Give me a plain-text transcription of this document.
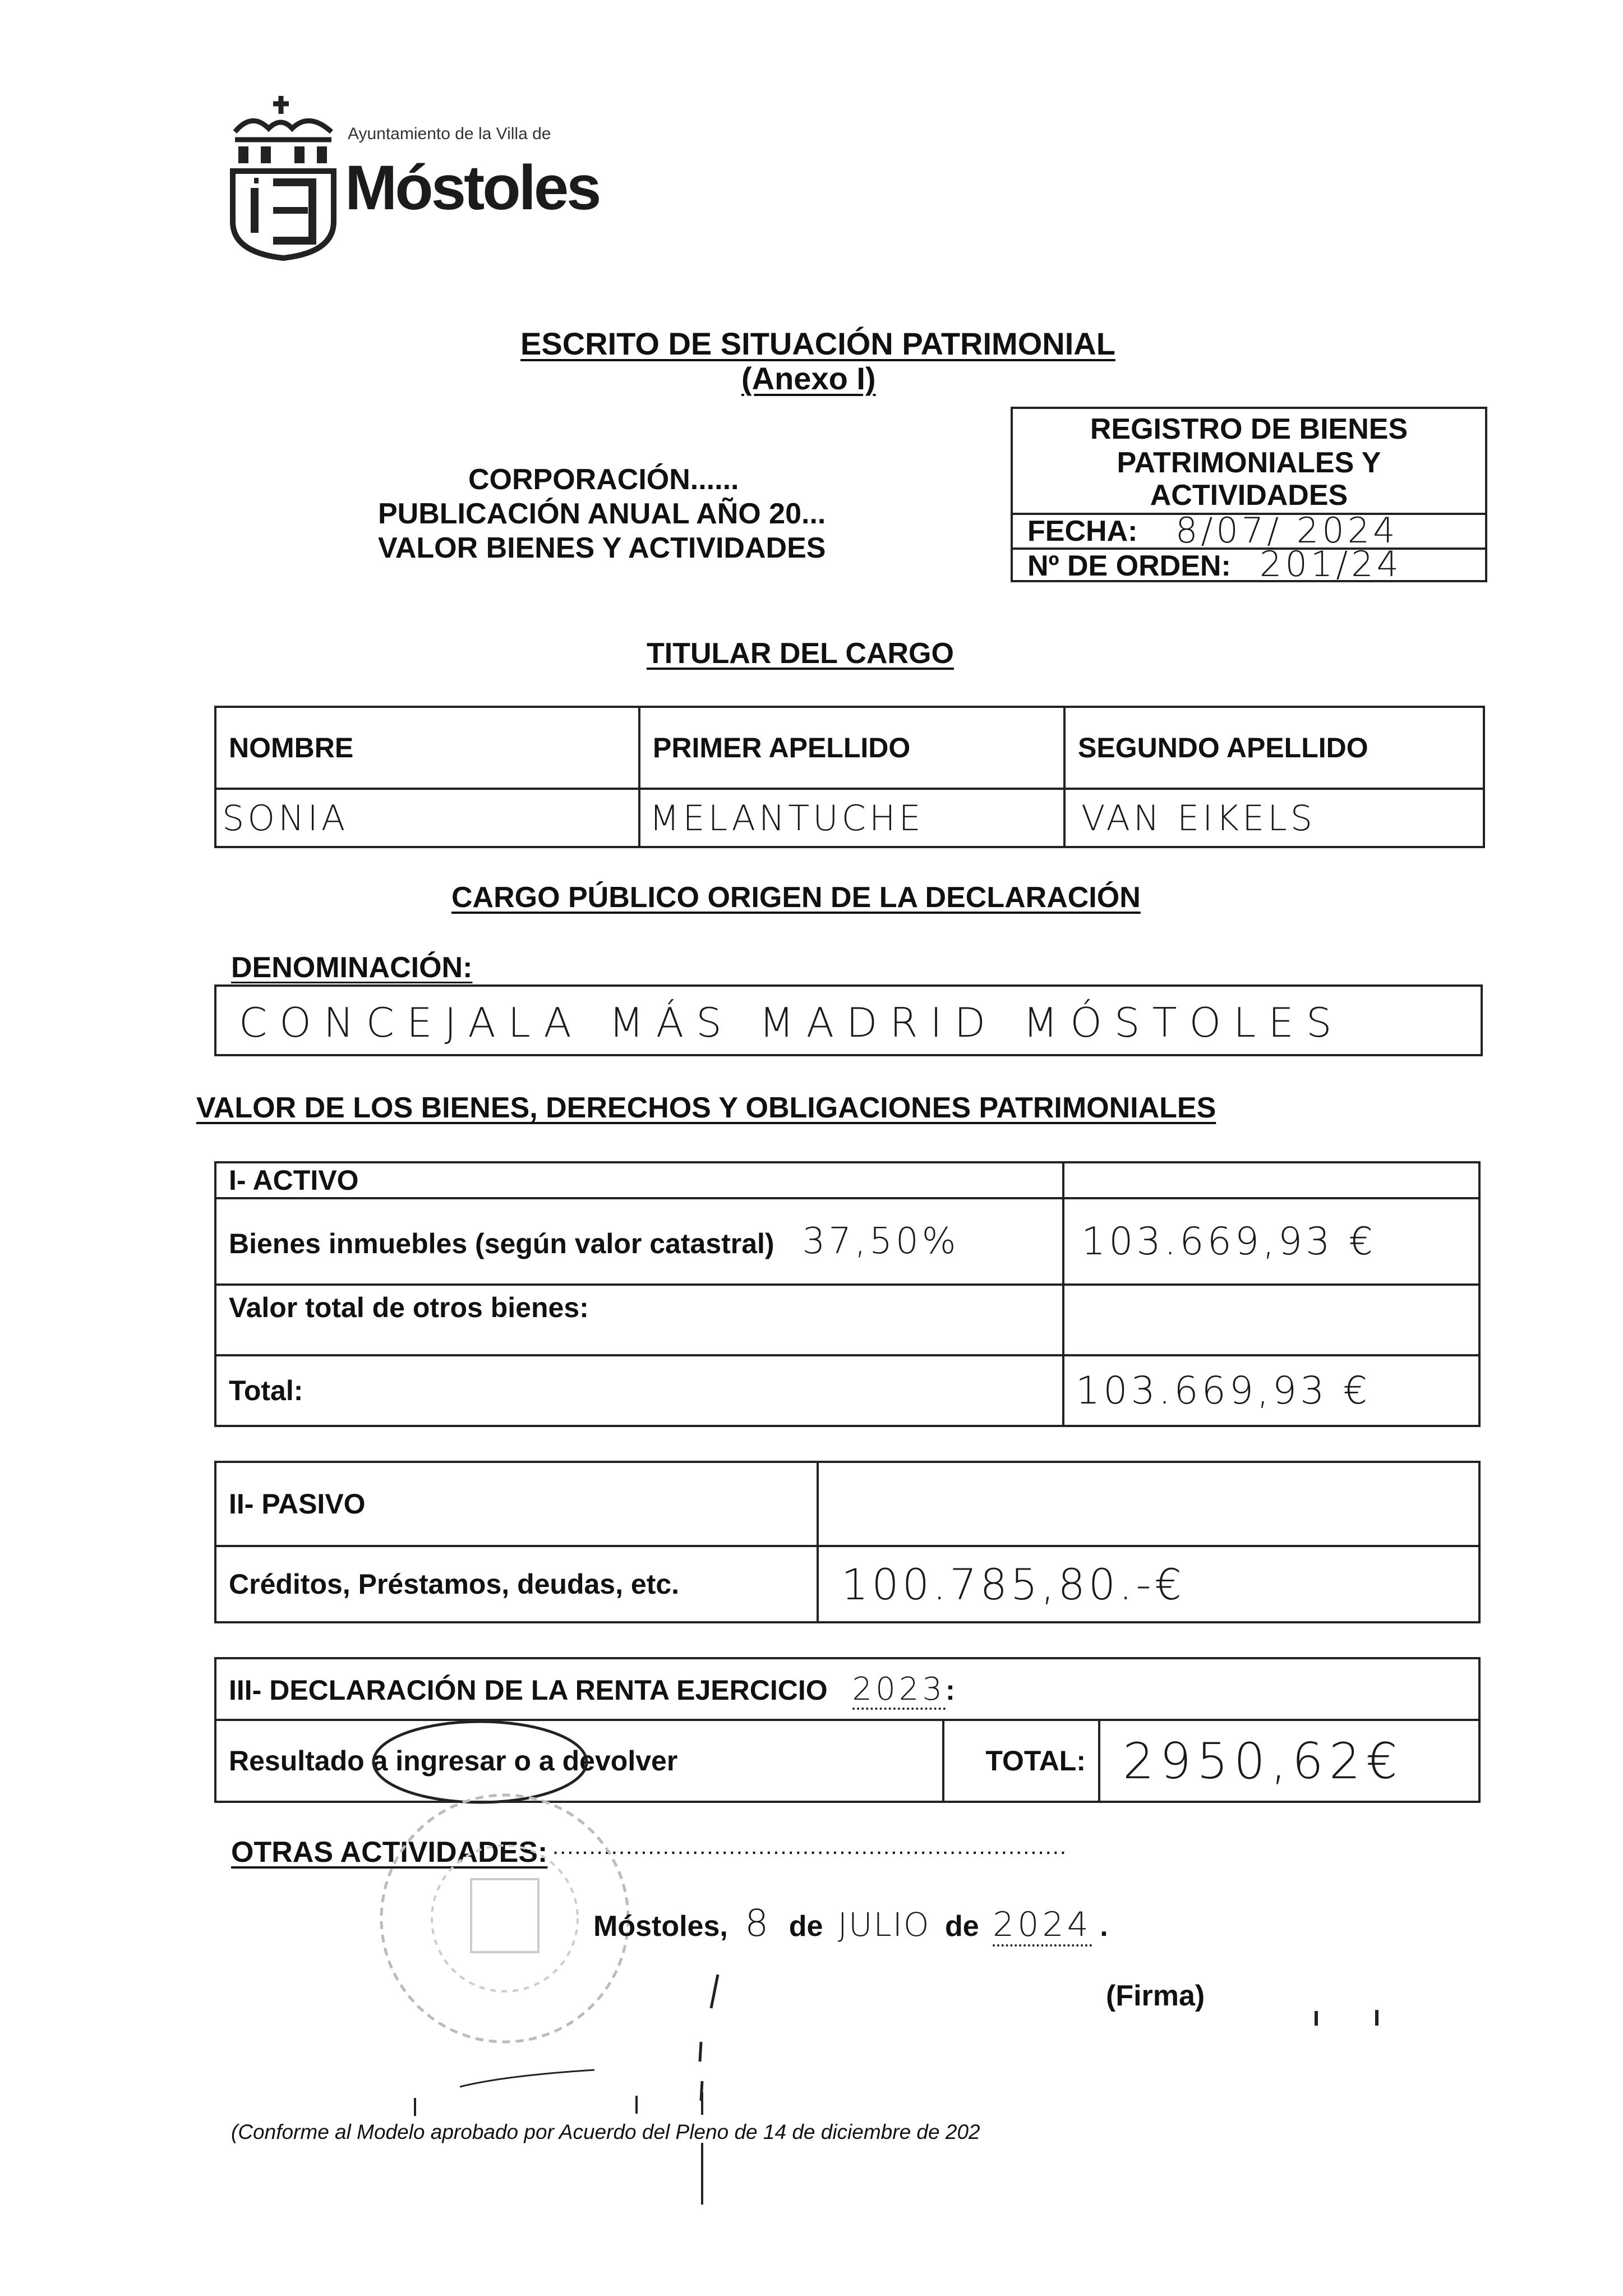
Ayuntamiento de la Villa de
Móstoles
ESCRITO DE SITUACIÓN PATRIMONIAL
(Anexo I)
CORPORACIÓN......
PUBLICACIÓN ANUAL AÑO 20...
VALOR BIENES Y ACTIVIDADES
REGISTRO DE BIENES
PATRIMONIALES Y
ACTIVIDADES
FECHA: 8/07/ 2024
Nº DE ORDEN: 201/24
TITULAR DEL CARGO
NOMBRE	PRIMER APELLIDO	SEGUNDO APELLIDO
SONIA	MELANTUCHE	VAN EIKELS
CARGO PÚBLICO ORIGEN DE LA DECLARACIÓN
DENOMINACIÓN:
CONCEJALA MÁS MADRID MÓSTOLES
VALOR DE LOS BIENES, DERECHOS Y OBLIGACIONES PATRIMONIALES
I- ACTIVO	
Bienes inmuebles (según valor catastral) 37,50%	103.669,93 €
Valor total de otros bienes:	
Total:	103.669,93 €
II- PASIVO	
Créditos, Préstamos, deudas, etc.	100.785,80.-€
III- DECLARACIÓN DE LA RENTA EJERCICIO 2023:
Resultado a ingresar o a devolver	TOTAL:	2950,62€
OTRAS ACTIVIDADES: ......................................................................
Móstoles, 8 de JULIO de 2024 .
(Firma)
(Conforme al Modelo aprobado por Acuerdo del Pleno de 14 de diciembre de 202
